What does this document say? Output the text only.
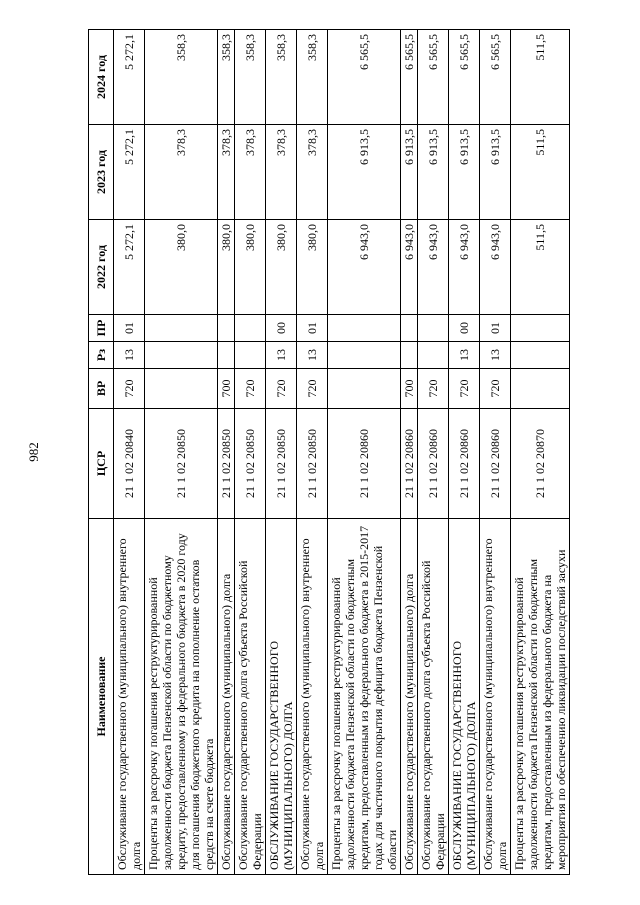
982
Наименование	ЦСР	ВР	Рз	ПР	2022 год	2023 год	2024 год
Обслуживание государственного (муниципального) внутреннего долга	21 1 02 20840	720	13	01	5 272,1	5 272,1	5 272,1
Проценты за рассрочку погашения реструктурированной задолженности бюджета Пензенской области по бюджетному кредиту, предоставленному из федерального бюджета в 2020 году для погашения бюджетного кредита на пополнение остатков средств на счете бюджета	21 1 02 20850				380,0	378,3	358,3
Обслуживание государственного (муниципального) долга	21 1 02 20850	700			380,0	378,3	358,3
Обслуживание государственного долга субъекта Российской Федерации	21 1 02 20850	720			380,0	378,3	358,3
ОБСЛУЖИВАНИЕ ГОСУДАРСТВЕННОГО (МУНИЦИПАЛЬНОГО) ДОЛГА	21 1 02 20850	720	13	00	380,0	378,3	358,3
Обслуживание государственного (муниципального) внутреннего долга	21 1 02 20850	720	13	01	380,0	378,3	358,3
Проценты за рассрочку погашения реструктурированной задолженности бюджета Пензенской области по бюджетным кредитам, предоставленным из федерального бюджета в 2015-2017 годах для частичного покрытия дефицита бюджета Пензенской области	21 1 02 20860				6 943,0	6 913,5	6 565,5
Обслуживание государственного (муниципального) долга	21 1 02 20860	700			6 943,0	6 913,5	6 565,5
Обслуживание государственного долга субъекта Российской Федерации	21 1 02 20860	720			6 943,0	6 913,5	6 565,5
ОБСЛУЖИВАНИЕ ГОСУДАРСТВЕННОГО (МУНИЦИПАЛЬНОГО) ДОЛГА	21 1 02 20860	720	13	00	6 943,0	6 913,5	6 565,5
Обслуживание государственного (муниципального) внутреннего долга	21 1 02 20860	720	13	01	6 943,0	6 913,5	6 565,5
Проценты за рассрочку погашения реструктурированной задолженности бюджета Пензенской области по бюджетным кредитам, предоставленным из федерального бюджета на мероприятия по обеспечению ликвидации последствий засухи	21 1 02 20870				511,5	511,5	511,5
